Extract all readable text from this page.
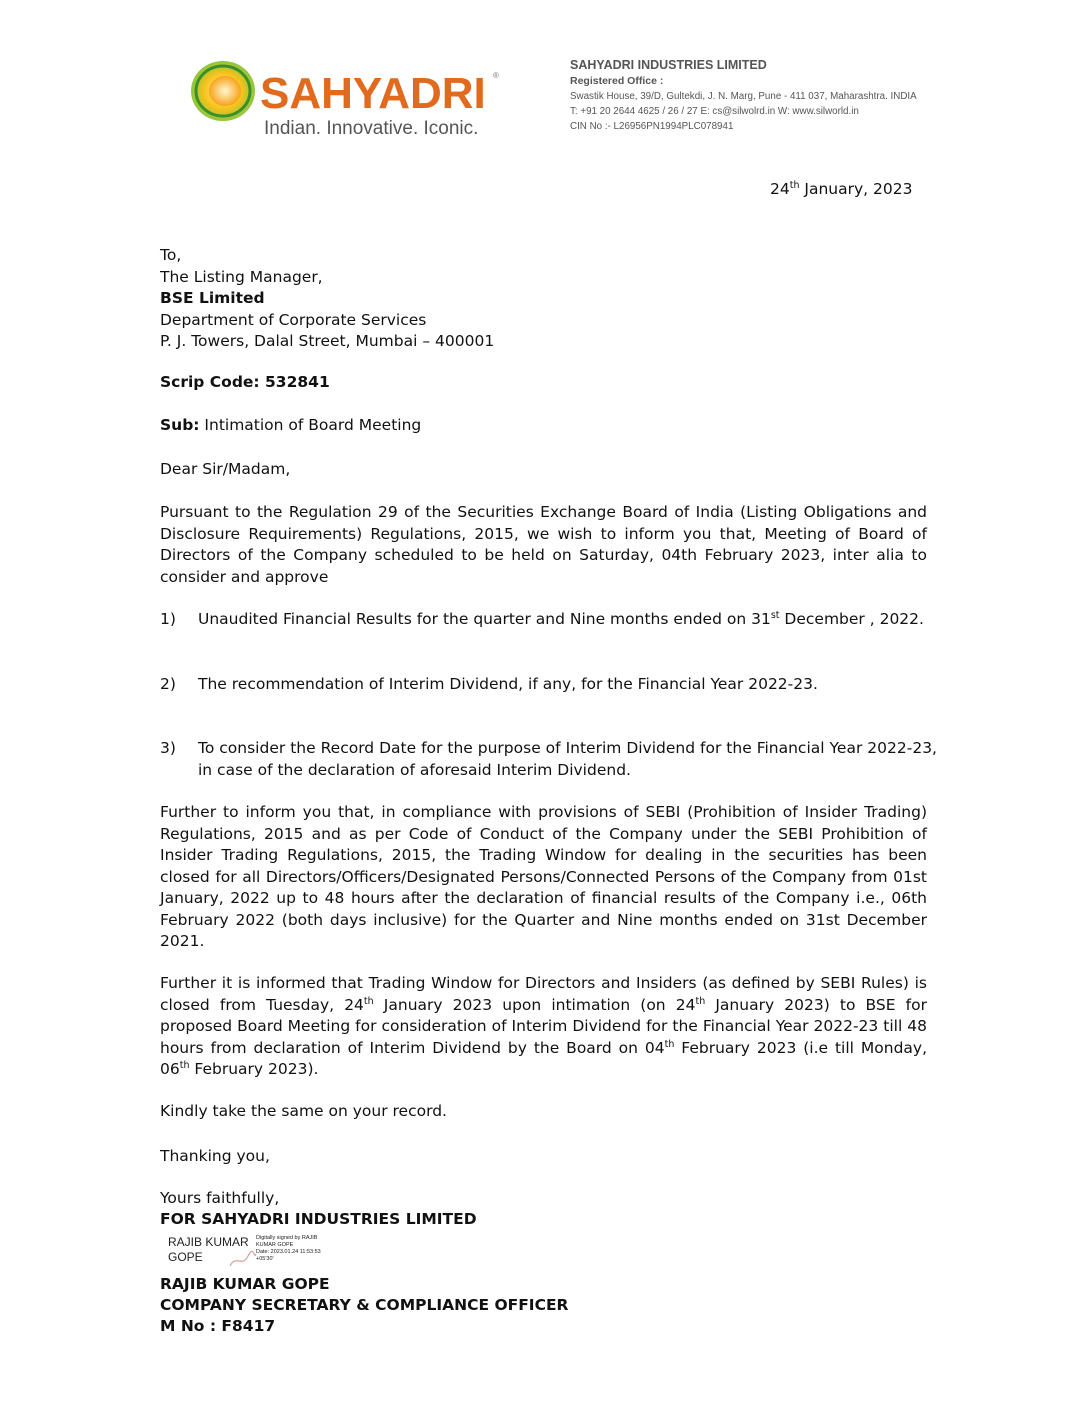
SAHYADRI ®
Indian. Innovative. Iconic.
SAHYADRI INDUSTRIES LIMITED
Registered Office :
Swastik House, 39/D, Gultekdi, J. N. Marg, Pune - 411 037, Maharashtra. INDIA
T: +91 20 2644 4625 / 26 / 27 E: cs@silwolrd.in W: www.silworld.in
CIN No :- L26956PN1994PLC078941
24th January, 2023
To,
The Listing Manager,
BSE Limited
Department of Corporate Services
P. J. Towers, Dalal Street, Mumbai – 400001
Scrip Code: 532841
Sub: Intimation of Board Meeting
Dear Sir/Madam,
Pursuant to the Regulation 29 of the Securities Exchange Board of India (Listing Obligations and Disclosure Requirements) Regulations, 2015, we wish to inform you that, Meeting of Board of Directors of the Company scheduled to be held on Saturday, 04th February 2023, inter alia to consider and approve
1) Unaudited Financial Results for the quarter and Nine months ended on 31st December , 2022.
2) The recommendation of Interim Dividend, if any, for the Financial Year 2022-23.
3) To consider the Record Date for the purpose of Interim Dividend for the Financial Year 2022-23, in case of the declaration of aforesaid Interim Dividend.
Further to inform you that, in compliance with provisions of SEBI (Prohibition of Insider Trading) Regulations, 2015 and as per Code of Conduct of the Company under the SEBI Prohibition of Insider Trading Regulations, 2015, the Trading Window for dealing in the securities has been closed for all Directors/Officers/Designated Persons/Connected Persons of the Company from 01st January, 2022 up to 48 hours after the declaration of financial results of the Company i.e., 06th February 2022 (both days inclusive) for the Quarter and Nine months ended on 31st December 2021.
Further it is informed that Trading Window for Directors and Insiders (as defined by SEBI Rules) is closed from Tuesday, 24th January 2023 upon intimation (on 24th January 2023) to BSE for proposed Board Meeting for consideration of Interim Dividend for the Financial Year 2022-23 till 48 hours from declaration of Interim Dividend by the Board on 04th February 2023 (i.e till Monday, 06th February 2023).
Kindly take the same on your record.
Thanking you,
Yours faithfully,
FOR SAHYADRI INDUSTRIES LIMITED
RAJIB KUMAR
GOPE
Digitally signed by RAJIB
KUMAR GOPE
Date: 2023.01.24 11:53:53
+05'30'
RAJIB KUMAR GOPE
COMPANY SECRETARY & COMPLIANCE OFFICER
M No : F8417
